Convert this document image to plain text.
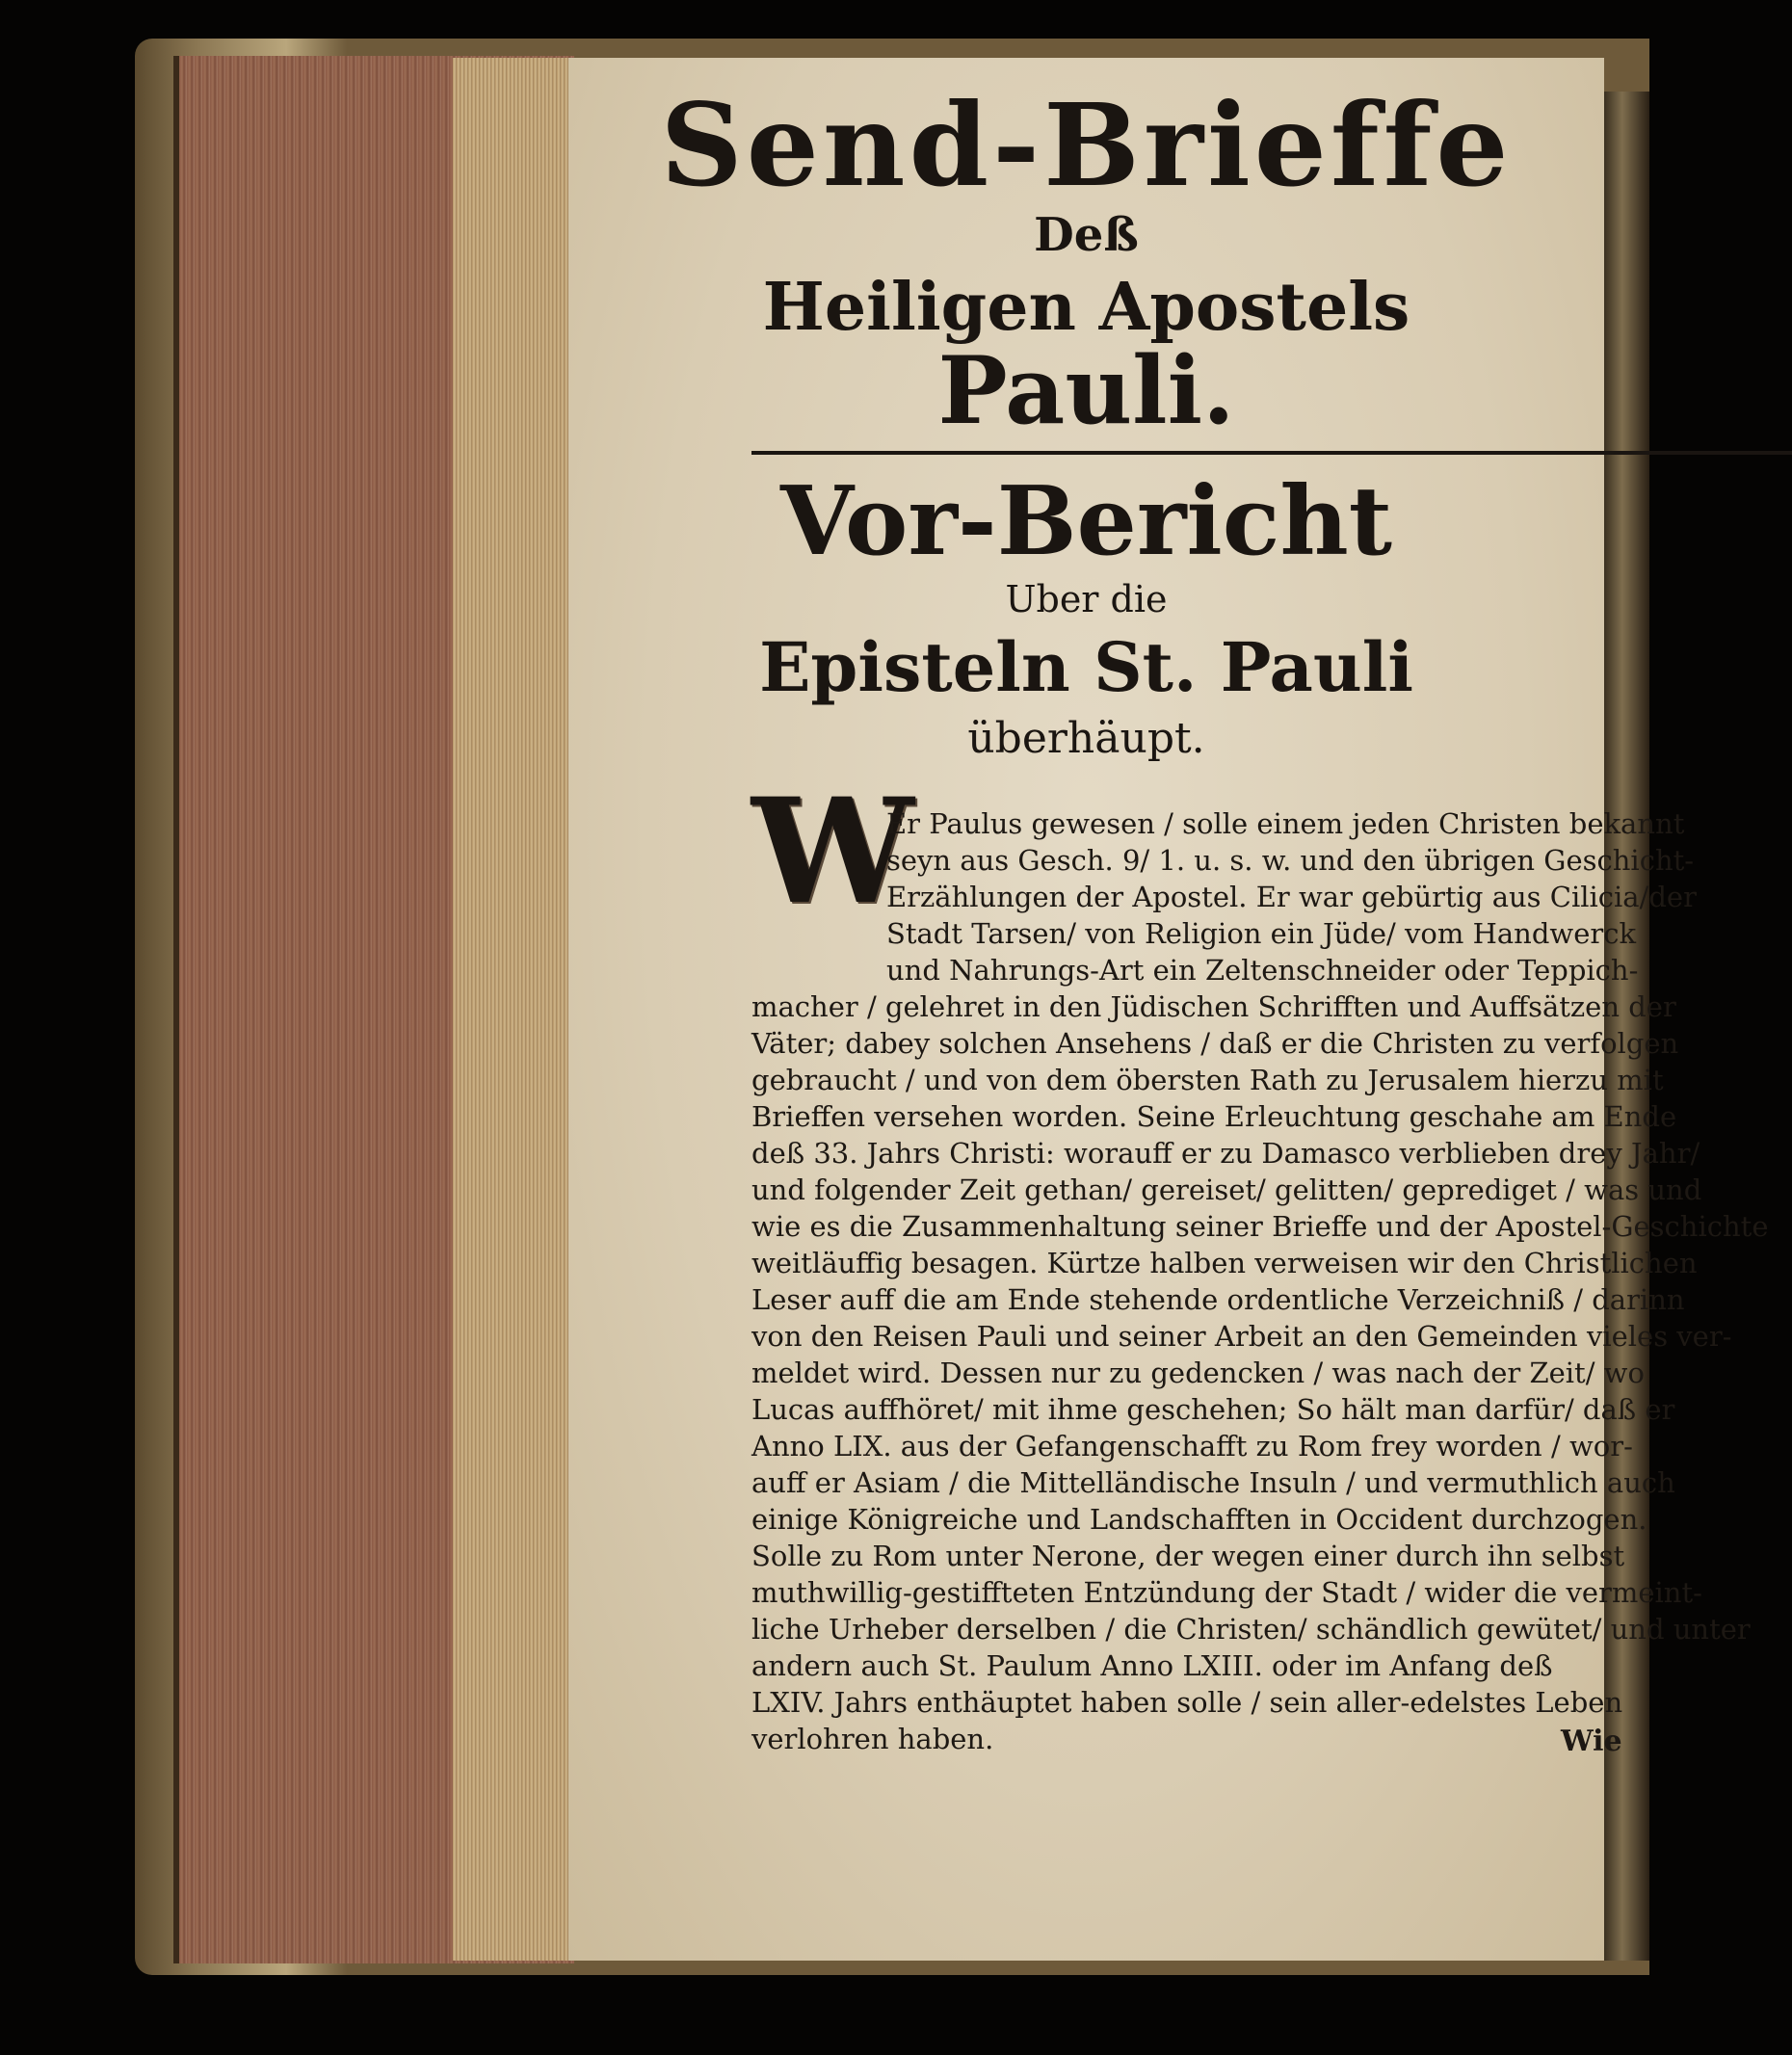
Send-Brieffe
Deß
Heiligen Apostels
Pauli.
Vor-Bericht
Uber die
Episteln St. Pauli
überhäupt.
W
Er Paulus gewesen / solle einem jeden Christen bekannt
seyn aus Gesch. 9/ 1. u. s. w. und den übrigen Geschicht-
Erzählungen der Apostel. Er war gebürtig aus Cilicia/der
Stadt Tarsen/ von Religion ein Jüde/ vom Handwerck
und Nahrungs-Art ein Zeltenschneider oder Teppich-
macher / gelehret in den Jüdischen Schrifften und Auffsätzen der
Väter; dabey solchen Ansehens / daß er die Christen zu verfolgen
gebraucht / und von dem öbersten Rath zu Jerusalem hierzu mit
Brieffen versehen worden. Seine Erleuchtung geschahe am Ende
deß 33. Jahrs Christi: worauff er zu Damasco verblieben drey Jahr/
und folgender Zeit gethan/ gereiset/ gelitten/ geprediget / was und
wie es die Zusammenhaltung seiner Brieffe und der Apostel-Geschichte
weitläuffig besagen. Kürtze halben verweisen wir den Christlichen
Leser auff die am Ende stehende ordentliche Verzeichniß / darinn
von den Reisen Pauli und seiner Arbeit an den Gemeinden vieles ver-
meldet wird. Dessen nur zu gedencken / was nach der Zeit/ wo
Lucas auffhöret/ mit ihme geschehen; So hält man darfür/ daß er
Anno LIX. aus der Gefangenschafft zu Rom frey worden / wor-
auff er Asiam / die Mittelländische Insuln / und vermuthlich auch
einige Königreiche und Landschafften in Occident durchzogen.
Solle zu Rom unter Nerone, der wegen einer durch ihn selbst
muthwillig-gestiffteten Entzündung der Stadt / wider die vermeint-
liche Urheber derselben / die Christen/ schändlich gewütet/ und unter
andern auch St. Paulum Anno LXIII. oder im Anfang deß
LXIV. Jahrs enthäuptet haben solle / sein aller-edelstes Leben
verlohren haben.	Wie
